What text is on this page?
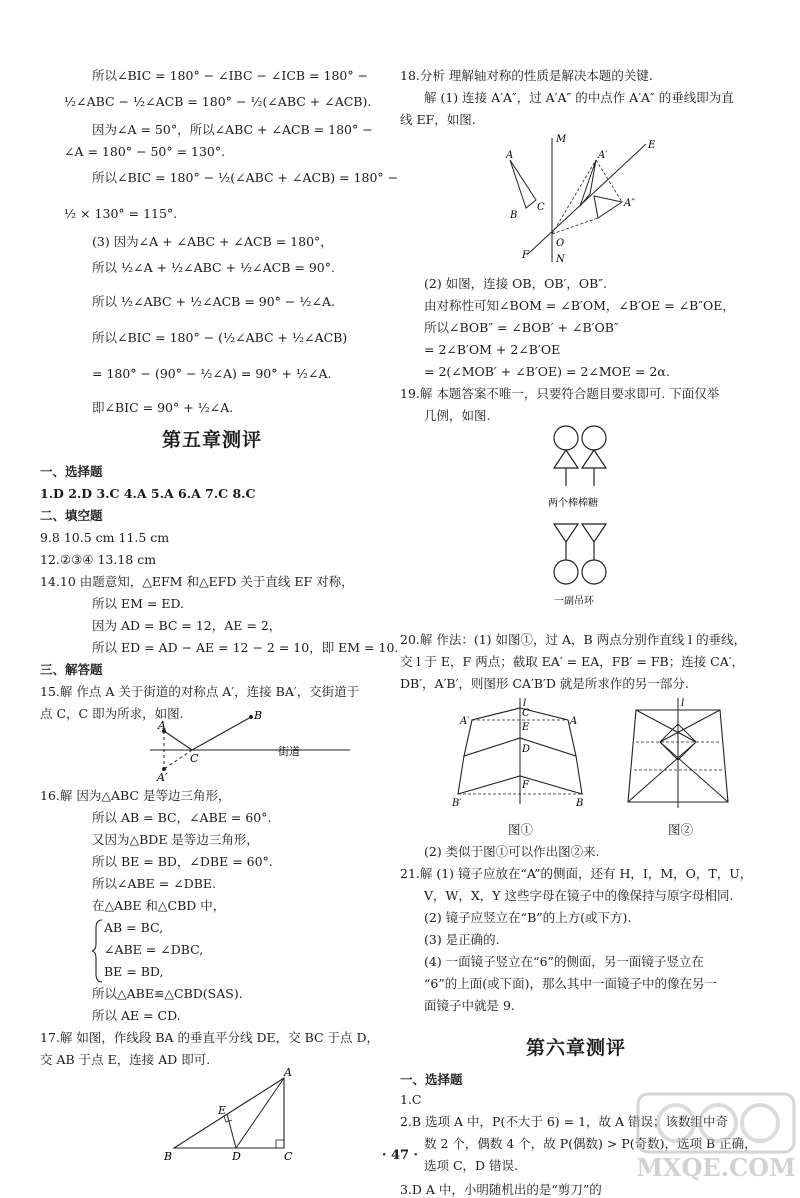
所以∠BIC = 180° − ∠IBC − ∠ICB = 180° −
½∠ABC − ½∠ACB = 180° − ½(∠ABC + ∠ACB).
因为∠A = 50°，所以∠ABC + ∠ACB = 180° −
∠A = 180° − 50° = 130°.
所以∠BIC = 180° − ½(∠ABC + ∠ACB) = 180° −
½ × 130° = 115°.
(3) 因为∠A + ∠ABC + ∠ACB = 180°，
所以 ½∠A + ½∠ABC + ½∠ACB = 90°.
所以 ½∠ABC + ½∠ACB = 90° − ½∠A.
所以∠BIC = 180° − (½∠ABC + ½∠ACB)
= 180° − (90° − ½∠A) = 90° + ½∠A.
即∠BIC = 90° + ½∠A.
第五章测评
一、选择题
1.D 2.D 3.C 4.A 5.A 6.A 7.C 8.C
二、填空题
9.8 10.5 cm 11.5 cm
12.②③④ 13.18 cm
14.10 由题意知，△EFM 和△EFD 关于直线 EF 对称，
所以 EM = ED.
因为 AD = BC = 12，AE = 2，
所以 ED = AD − AE = 12 − 2 = 10，即 EM = 10.
三、解答题
15.解 作点 A 关于街道的对称点 A′，连接 BA′，交街道于
点 C，C 即为所求，如图.
A
B
C
A′
街道
16.解 因为△ABC 是等边三角形，
所以 AB = BC，∠ABE = 60°.
又因为△BDE 是等边三角形，
所以 BE = BD，∠DBE = 60°.
所以∠ABE = ∠DBE.
在△ABE 和△CBD 中，
AB = BC,
∠ABE = ∠DBC,
BE = BD,
所以△ABE≌△CBD(SAS).
所以 AE = CD.
17.解 如图，作线段 BA 的垂直平分线 DE，交 BC 于点 D，
交 AB 于点 E，连接 AD 即可.
A
B	C
D
E
18.分析 理解轴对称的性质是解决本题的关键.
解 (1) 连接 A′A″，过 A′A″ 的中点作 A′A″ 的垂线即为直
线 EF，如图.
M
E
A
B
C
A′
A″
O
F	N
(2) 如图，连接 OB，OB′，OB″.
由对称性可知∠BOM = ∠B′OM，∠B′OE = ∠B″OE，
所以∠BOB″ = ∠BOB′ + ∠B′OB″
= 2∠B′OM + 2∠B′OE
= 2(∠MOB′ + ∠B′OE) = 2∠MOE = 2α.
19.解 本题答案不唯一，只要符合题目要求即可. 下面仅举
几例，如图.
两个棒棒糖
一副吊环
20.解 作法：(1) 如图①，过 A，B 两点分别作直线 l 的垂线，
交 l 于 E，F 两点；截取 EA′ = EA，FB′ = FB；连接 CA′，
DB′，A′B′，则图形 CA′B′D 就是所求作的另一部分.
l
C
E
D
F
A′	A
B′	B
图①
l
图②
(2) 类似于图①可以作出图②来.
21.解 (1) 镜子应放在“A”的侧面，还有 H，I，M，O，T，U，
V，W，X，Y 这些字母在镜子中的像保持与原字母相同.
(2) 镜子应竖立在“B”的上方(或下方).
(3) 是正确的.
(4) 一面镜子竖立在“6”的侧面，另一面镜子竖立在
“6”的上面(或下面)，那么其中一面镜子中的像在另一
面镜子中就是 9.
第六章测评
一、选择题
1.C
2.B 选项 A 中，P(不大于 6) = 1，故 A 错误；该数组中奇
数 2 个，偶数 4 个，故 P(偶数) > P(奇数)，选项 B 正确，
选项 C，D 错误.
3.D A 中，小明随机出的是“剪刀”的
· 47 ·	MXQE.COM
